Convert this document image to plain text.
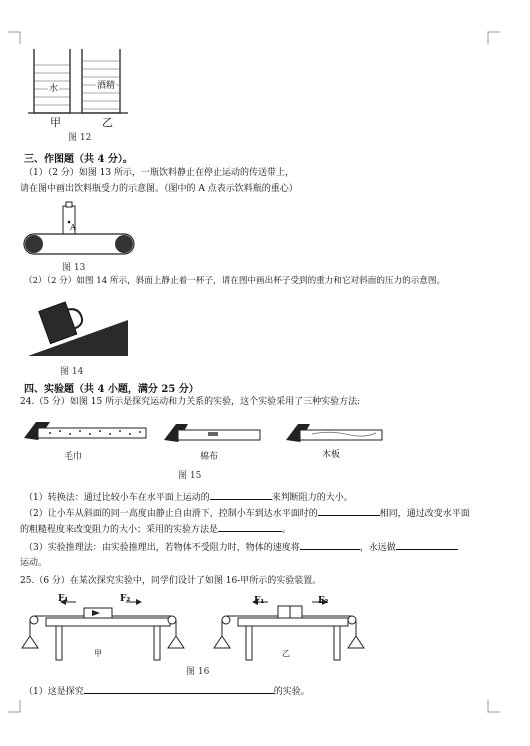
水	酒精
甲	乙
图 12
三、作图题（共 4 分）。
（1）（2 分）如图 13 所示，一瓶饮料静止在停止运动的传送带上，
请在图中画出饮料瓶受力的示意图。（图中的 A 点表示饮料瓶的重心）
A
图 13
（2）（2 分）如图 14 所示，斜面上静止着一杯子，请在图中画出杯子受到的重力和它对斜面的压力的示意图。
图 14
四、实验题（共 4 小题，满分 25 分）
24.（5 分）如图 15 所示是探究运动和力关系的实验，这个实验采用了三种实验方法:
毛巾	棉布	木板
图 15
（1）转换法：通过比较小车在水平面上运动的	来判断阻力的大小。
（2）让小车从斜面的同一高度由静止自由滑下，控制小车到达水平面时的	相同，通过改变水平面
的粗糙程度来改变阻力的大小；采用的实验方法是	。
（3）实验推理法：由实验推理出，若物体不受阻力时，物体的速度将	，永远做
运动。
25.（6 分）在某次探究实验中，同学们设计了如图 16-甲所示的实验装置。
F₁	F₂	F₁	F₂
甲	乙
图 16
（1）这是探究	的实验。
